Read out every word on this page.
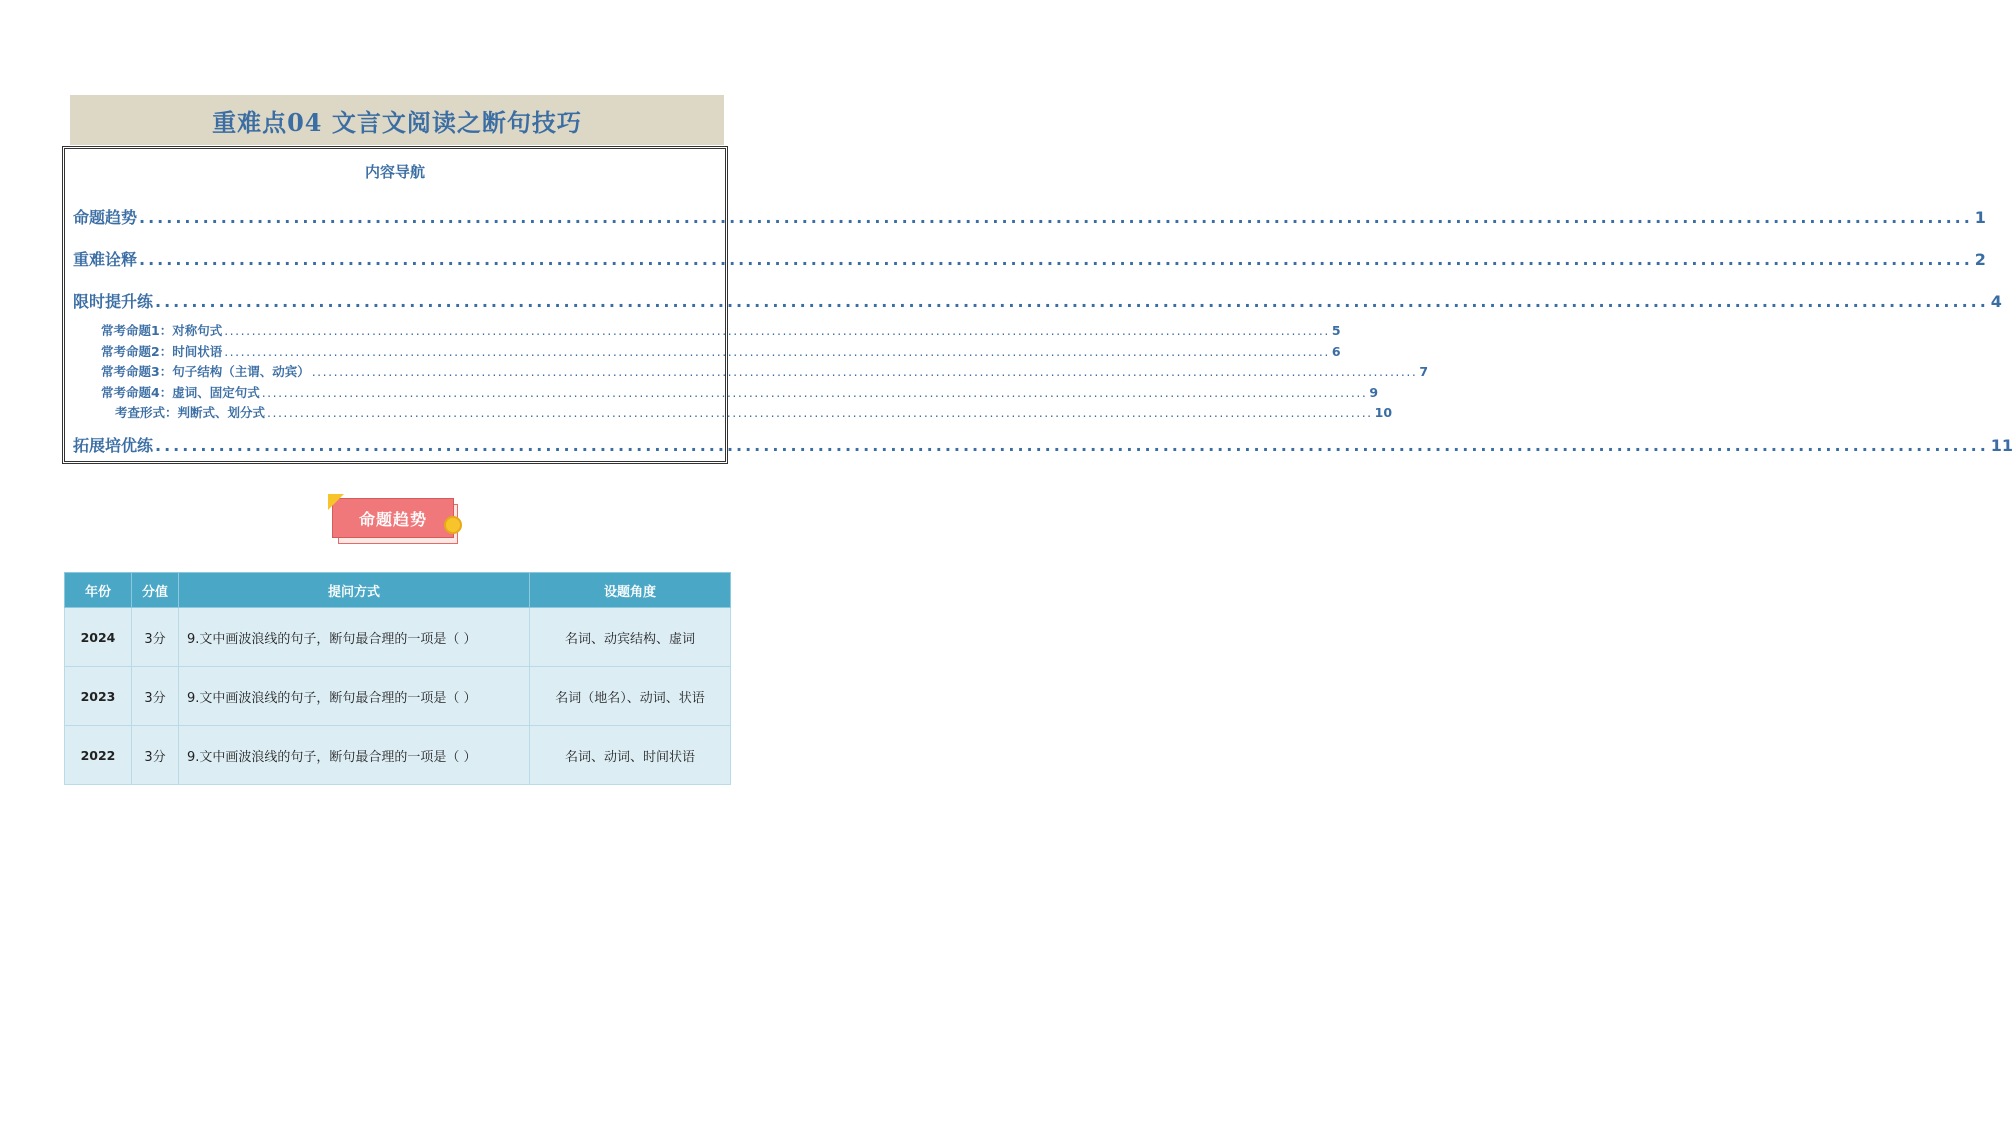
重难点04 文言文阅读之断句技巧
内容导航
命题趋势 .......................................................................................................................................................................................................... 1
重难诠释 .......................................................................................................................................................................................................... 2
限时提升练 .......................................................................................................................................................................................................... 4
常考命题1：对称句式 .......................................................................................................................................................................................................... 5
常考命题2：时间状语 .......................................................................................................................................................................................................... 6
常考命题3：句子结构（主谓、动宾） .......................................................................................................................................................................................................... 7
常考命题4：虚词、固定句式 .......................................................................................................................................................................................................... 9
考查形式：判断式、划分式 .......................................................................................................................................................................................................... 10
拓展培优练 .......................................................................................................................................................................................................... 11
命题趋势
年份	分值	提问方式	设题角度
2024	3分	9.文中画波浪线的句子，断句最合理的一项是（ ）	名词、动宾结构、虚词
2023	3分	9.文中画波浪线的句子，断句最合理的一项是（ ）	名词（地名）、动词、状语
2022	3分	9.文中画波浪线的句子，断句最合理的一项是（ ）	名词、动词、时间状语
